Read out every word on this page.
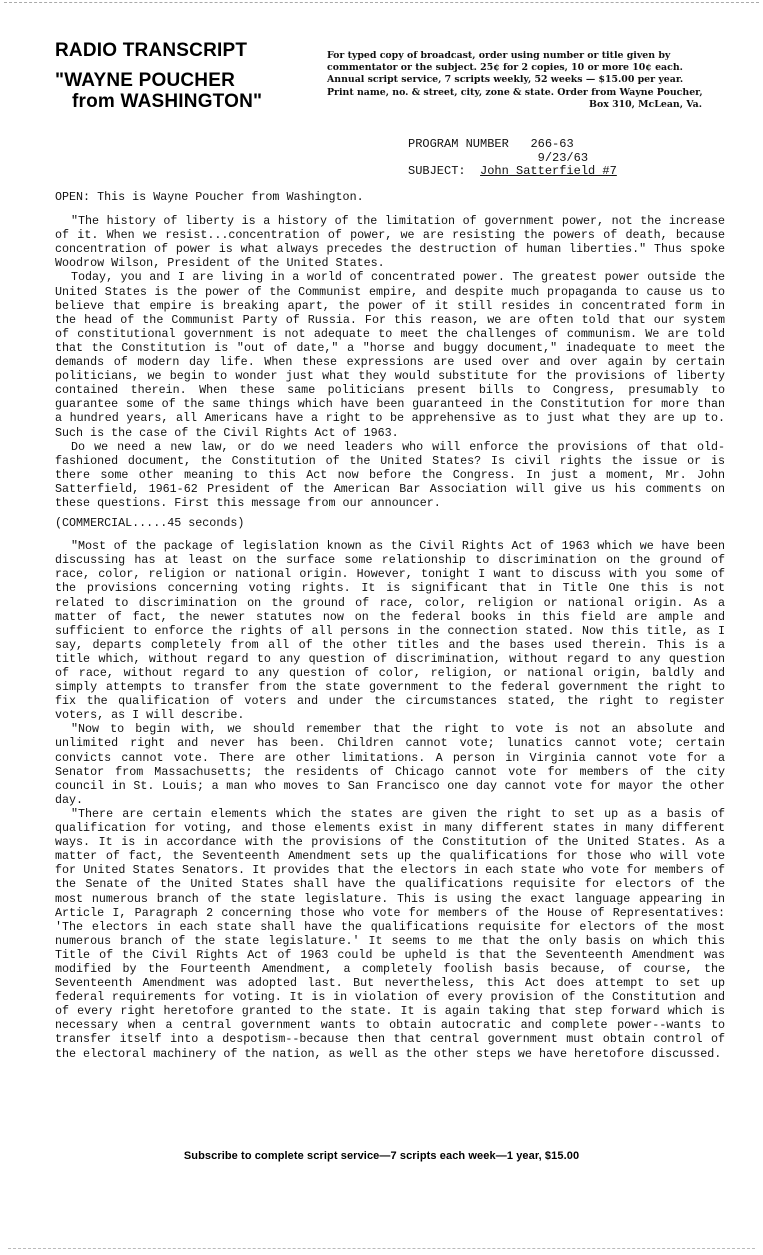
RADIO TRANSCRIPT
"WAYNE POUCHER
from WASHINGTON"
For typed copy of broadcast, order using number or title given by
commentator or the subject. 25¢ for 2 copies, 10 or more 10¢ each.
Annual script service, 7 scripts weekly, 52 weeks — $15.00 per year.
Print name, no. & street, city, zone & state. Order from Wayne Poucher,
Box 310, McLean, Va.
PROGRAM NUMBER 266-63
9/23/63
SUBJECT: John Satterfield #7

OPEN: This is Wayne Poucher from Washington.

"The history of liberty is a history of the limitation of government power, not the increase of it. When we resist...concentration of power, we are resisting the powers of death, because concentration of power is what always precedes the destruction of human liberties." Thus spoke Woodrow Wilson, President of the United States.

Today, you and I are living in a world of concentrated power. The greatest power outside the United States is the power of the Communist empire, and despite much propaganda to cause us to believe that empire is breaking apart, the power of it still resides in concentrated form in the head of the Communist Party of Russia. For this reason, we are often told that our system of constitutional government is not adequate to meet the challenges of communism. We are told that the Constitution is "out of date," a "horse and buggy document," inadequate to meet the demands of modern day life. When these expressions are used over and over again by certain politicians, we begin to wonder just what they would substitute for the provisions of liberty contained therein. When these same politicians present bills to Congress, presumably to guarantee some of the same things which have been guaranteed in the Constitution for more than a hundred years, all Americans have a right to be apprehensive as to just what they are up to. Such is the case of the Civil Rights Act of 1963.

Do we need a new law, or do we need leaders who will enforce the provisions of that old-fashioned document, the Constitution of the United States? Is civil rights the issue or is there some other meaning to this Act now before the Congress. In just a moment, Mr. John Satterfield, 1961-62 President of the American Bar Association will give us his comments on these questions. First this message from our announcer.

(COMMERCIAL.....45 seconds)

"Most of the package of legislation known as the Civil Rights Act of 1963 which we have been discussing has at least on the surface some relationship to discrimination on the ground of race, color, religion or national origin. However, tonight I want to discuss with you some of the provisions concerning voting rights. It is significant that in Title One this is not related to discrimination on the ground of race, color, religion or national origin. As a matter of fact, the newer statutes now on the federal books in this field are ample and sufficient to enforce the rights of all persons in the connection stated. Now this title, as I say, departs completely from all of the other titles and the bases used therein. This is a title which, without regard to any question of discrimination, without regard to any question of race, without regard to any question of color, religion, or national origin, baldly and simply attempts to transfer from the state government to the federal government the right to fix the qualification of voters and under the circumstances stated, the right to register voters, as I will describe.

"Now to begin with, we should remember that the right to vote is not an absolute and unlimited right and never has been. Children cannot vote; lunatics cannot vote; certain convicts cannot vote. There are other limitations. A person in Virginia cannot vote for a Senator from Massachusetts; the residents of Chicago cannot vote for members of the city council in St. Louis; a man who moves to San Francisco one day cannot vote for mayor the other day.

"There are certain elements which the states are given the right to set up as a basis of qualification for voting, and those elements exist in many different states in many different ways. It is in accordance with the provisions of the Constitution of the United States. As a matter of fact, the Seventeenth Amendment sets up the qualifications for those who will vote for United States Senators. It provides that the electors in each state who vote for members of the Senate of the United States shall have the qualifications requisite for electors of the most numerous branch of the state legislature. This is using the exact language appearing in Article I, Paragraph 2 concerning those who vote for members of the House of Representatives: 'The electors in each state shall have the qualifications requisite for electors of the most numerous branch of the state legislature.' It seems to me that the only basis on which this Title of the Civil Rights Act of 1963 could be upheld is that the Seventeenth Amendment was modified by the Fourteenth Amendment, a completely foolish basis because, of course, the Seventeenth Amendment was adopted last. But nevertheless, this Act does attempt to set up federal requirements for voting. It is in violation of every provision of the Constitution and of every right heretofore granted to the state. It is again taking that step forward which is necessary when a central government wants to obtain autocratic and complete power--wants to transfer itself into a despotism--because then that central government must obtain control of the electoral machinery of the nation, as well as the other steps we have heretofore discussed.

Subscribe to complete script service—7 scripts each week—1 year, $15.00
